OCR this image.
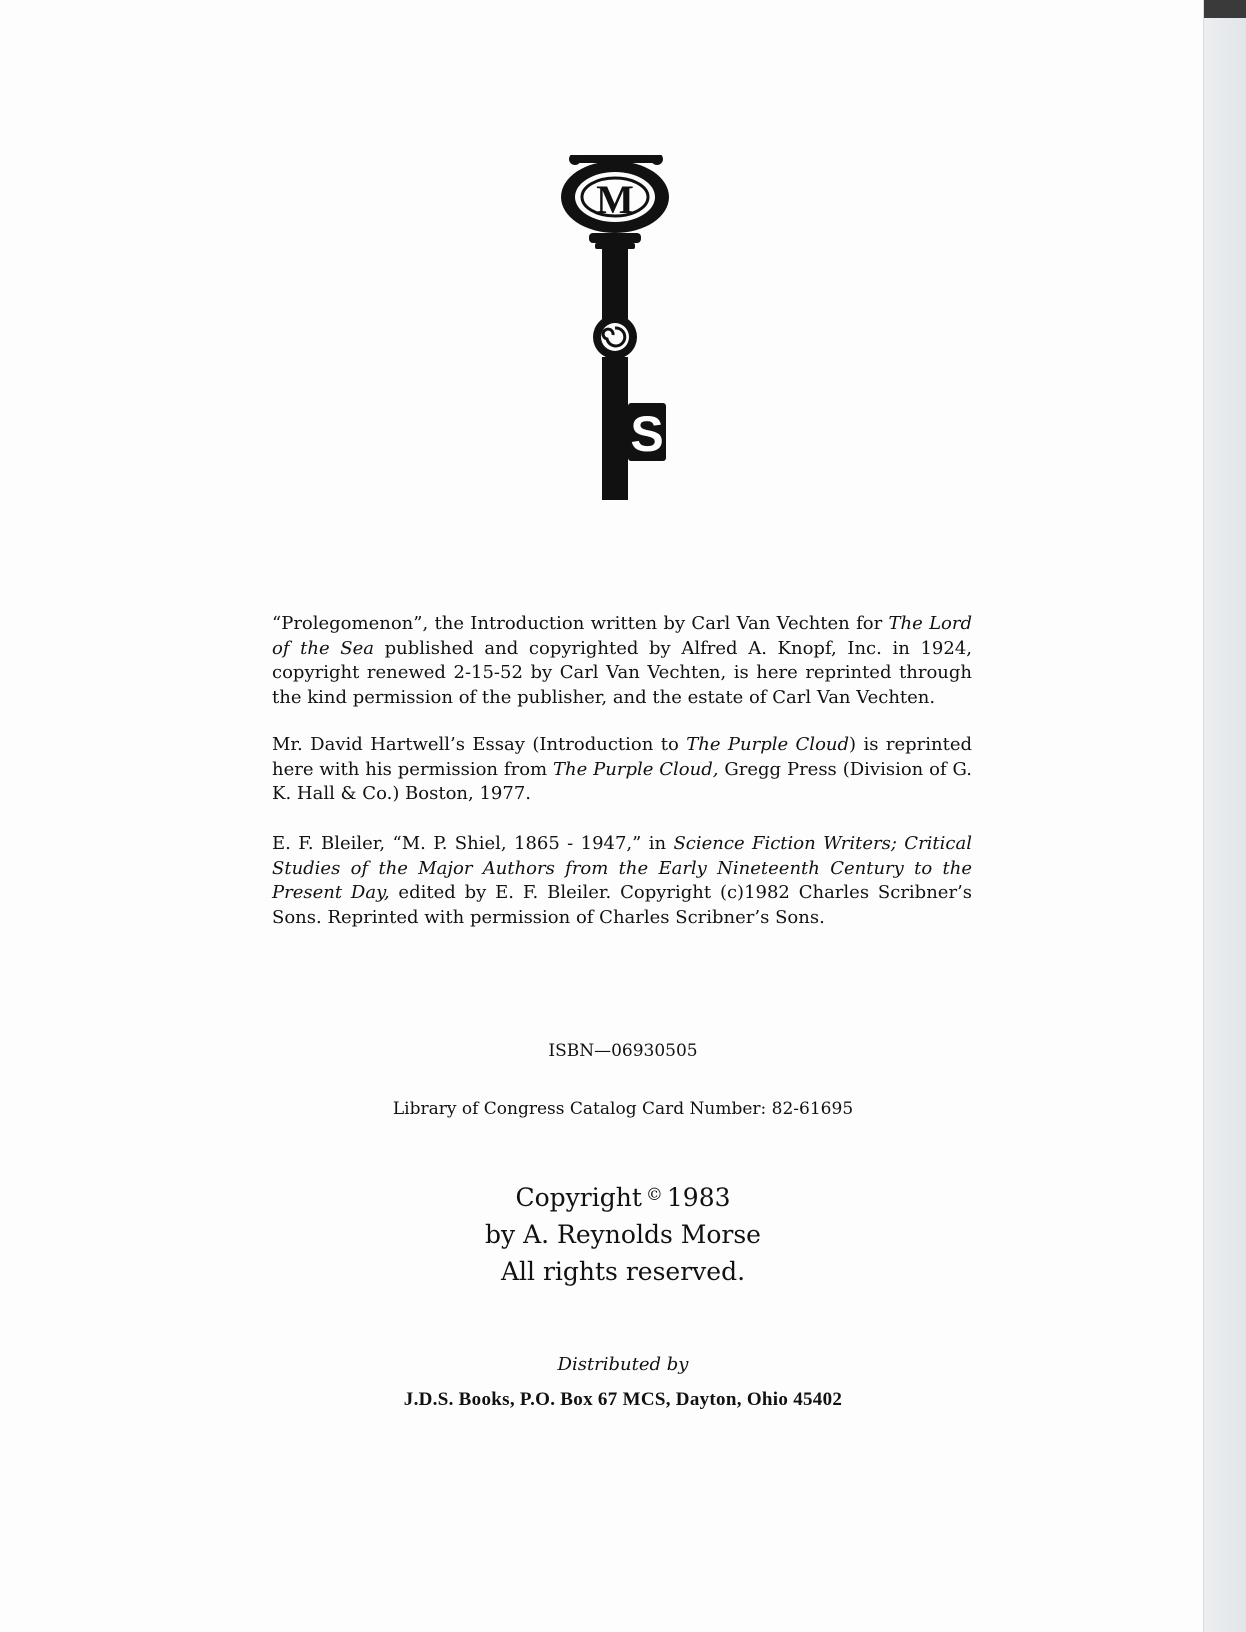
M
S
“Prolegomenon”, the Introduction written by Carl Van Vechten for The Lord of the Sea published and copyrighted by Alfred A. Knopf, Inc. in 1924, copyright renewed 2-15-52 by Carl Van Vechten, is here reprinted through the kind permission of the publisher, and the estate of Carl Van Vechten.
Mr. David Hartwell’s Essay (Introduction to The Purple Cloud) is reprinted here with his permission from The Purple Cloud, Gregg Press (Division of G. K. Hall & Co.) Boston, 1977.
E. F. Bleiler, “M. P. Shiel, 1865 - 1947,” in Science Fiction Writers; Critical Studies of the Major Authors from the Early Nineteenth Century to the Present Day, edited by E. F. Bleiler. Copyright (c)1982 Charles Scribner’s Sons. Reprinted with permission of Charles Scribner’s Sons.
ISBN—06930505
Library of Congress Catalog Card Number: 82-61695
Copyright © 1983
by A. Reynolds Morse
All rights reserved.
Distributed by
J.D.S. Books, P.O. Box 67 MCS, Dayton, Ohio 45402
